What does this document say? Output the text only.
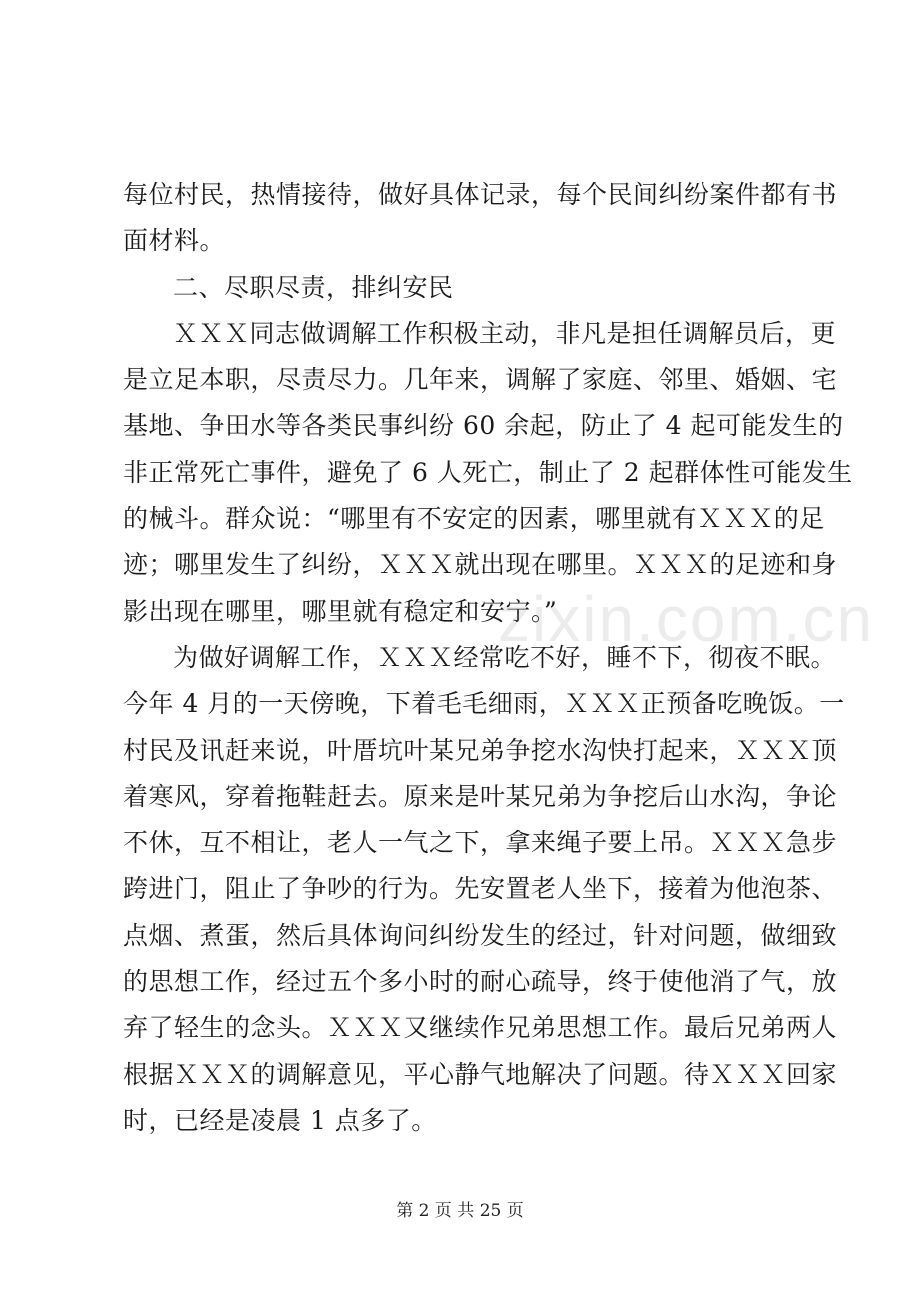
每位村民，热情接待，做好具体记录，每个民间纠纷案件都有书
面材料。
二、尽职尽责，排纠安民
ＸＸＸ同志做调解工作积极主动，非凡是担任调解员后，更
是立足本职，尽责尽力。几年来，调解了家庭、邻里、婚姻、宅
基地、争田水等各类民事纠纷 60 余起，防止了 4 起可能发生的
非正常死亡事件，避免了 6 人死亡，制止了 2 起群体性可能发生
的械斗。群众说：“哪里有不安定的因素，哪里就有ＸＸＸ的足
迹；哪里发生了纠纷，ＸＸＸ就出现在哪里。ＸＸＸ的足迹和身
影出现在哪里，哪里就有稳定和安宁。”
为做好调解工作，ＸＸＸ经常吃不好，睡不下，彻夜不眠。
今年 4 月的一天傍晚，下着毛毛细雨，ＸＸＸ正预备吃晚饭。一
村民及讯赶来说，叶厝坑叶某兄弟争挖水沟快打起来，ＸＸＸ顶
着寒风，穿着拖鞋赶去。原来是叶某兄弟为争挖后山水沟，争论
不休，互不相让，老人一气之下，拿来绳子要上吊。ＸＸＸ急步
跨进门，阻止了争吵的行为。先安置老人坐下，接着为他泡茶、
点烟、煮蛋，然后具体询问纠纷发生的经过，针对问题，做细致
的思想工作，经过五个多小时的耐心疏导，终于使他消了气，放
弃了轻生的念头。ＸＸＸ又继续作兄弟思想工作。最后兄弟两人
根据ＸＸＸ的调解意见，平心静气地解决了问题。待ＸＸＸ回家
时，已经是凌晨 1 点多了。
zixin.com.cn
第 2 页 共 25 页
